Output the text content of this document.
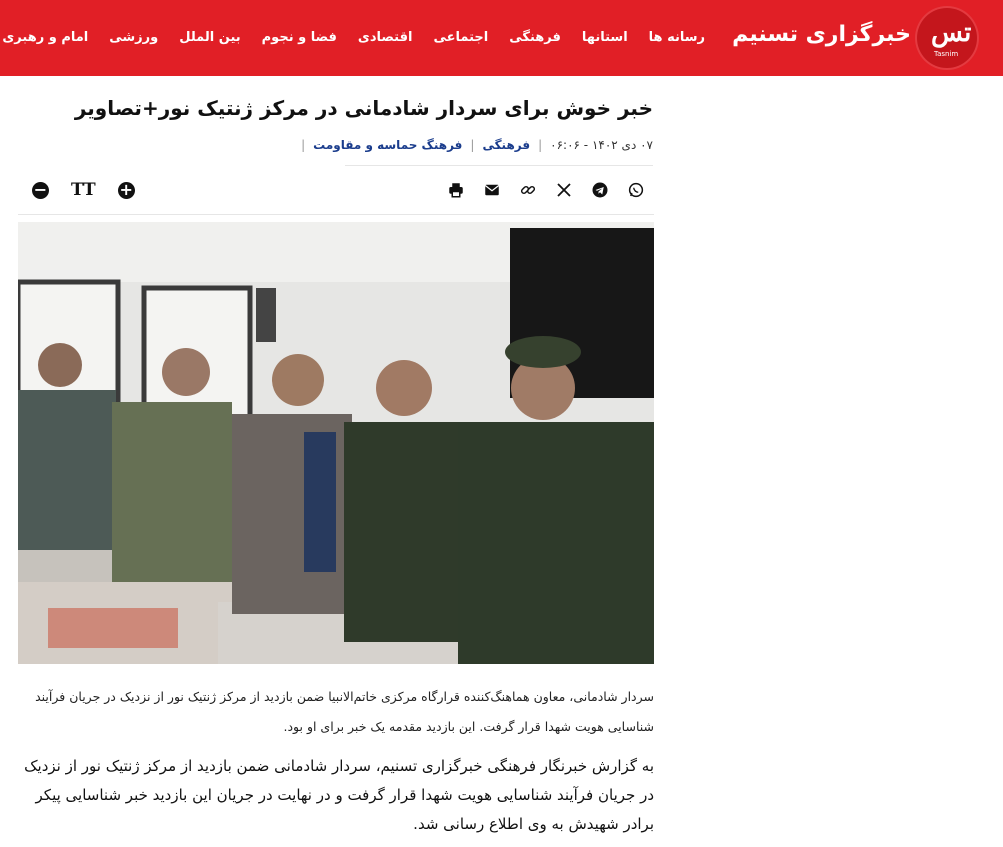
تس
Tasnim
خبرگزاری تسنیم
امام و رهبری ورزشی بین الملل فضا و نجوم اقتصادی اجتماعی فرهنگی استانها رسانه ها
خبر خوش برای سردار شادمانی در مرکز ژنتیک نور+تصاویر
۰۷ دی ۱۴۰۲ - ۰۶:۰۶
|
فرهنگی
|
فرهنگ حماسه و مقاومت
|
− TT +

سردار شادمانی، معاون هماهنگ‌کننده قرارگاه مرکزی خاتم‌الانبیا ضمن بازدید از مرکز ژنتیک نور از نزدیک در جریان فرآیند شناسایی هویت شهدا قرار گرفت. این بازدید مقدمه یک خبر برای او بود.

به گزارش خبرنگار فرهنگی خبرگزاری تسنیم، سردار شادمانی ضمن بازدید از مرکز ژنتیک نور از نزدیک در جریان فرآیند شناسایی هویت شهدا قرار گرفت و در نهایت در جریان این بازدید خبر شناسایی پیکر برادر شهیدش به وی اطلاع رسانی شد.
